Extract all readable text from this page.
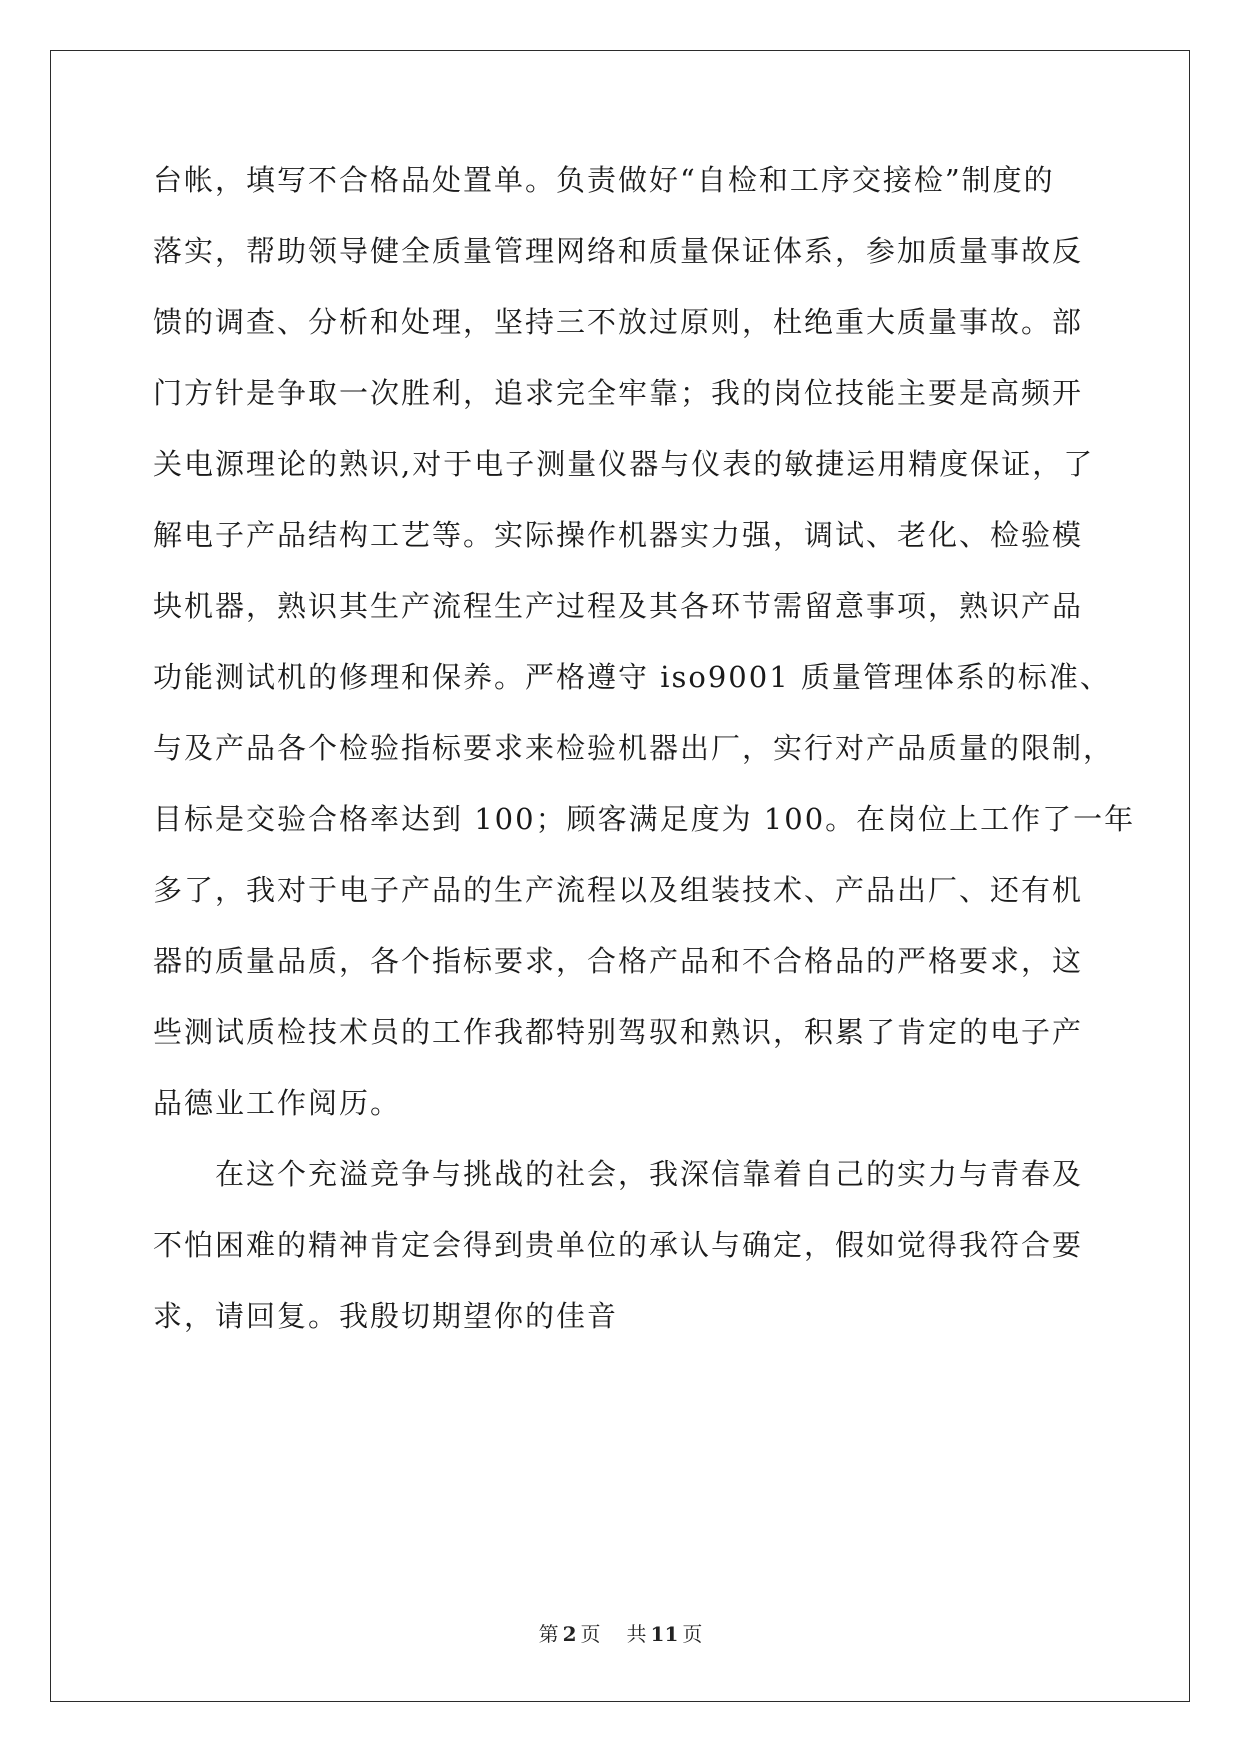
台帐，填写不合格品处置单。负责做好“自检和工序交接检”制度的
落实，帮助领导健全质量管理网络和质量保证体系，参加质量事故反
馈的调查、分析和处理，坚持三不放过原则，杜绝重大质量事故。部
门方针是争取一次胜利，追求完全牢靠；我的岗位技能主要是高频开
关电源理论的熟识,对于电子测量仪器与仪表的敏捷运用精度保证，了
解电子产品结构工艺等。实际操作机器实力强，调试、老化、检验模
块机器，熟识其生产流程生产过程及其各环节需留意事项，熟识产品
功能测试机的修理和保养。严格遵守 iso9001 质量管理体系的标准、
与及产品各个检验指标要求来检验机器出厂，实行对产品质量的限制，
目标是交验合格率达到 100；顾客满足度为 100。在岗位上工作了一年
多了，我对于电子产品的生产流程以及组装技术、产品出厂、还有机
器的质量品质，各个指标要求，合格产品和不合格品的严格要求，这
些测试质检技术员的工作我都特别驾驭和熟识，积累了肯定的电子产
品德业工作阅历。
　　在这个充溢竞争与挑战的社会，我深信靠着自己的实力与青春及
不怕困难的精神肯定会得到贵单位的承认与确定，假如觉得我符合要
求，请回复。我殷切期望你的佳音
第 2 页 共 11 页
